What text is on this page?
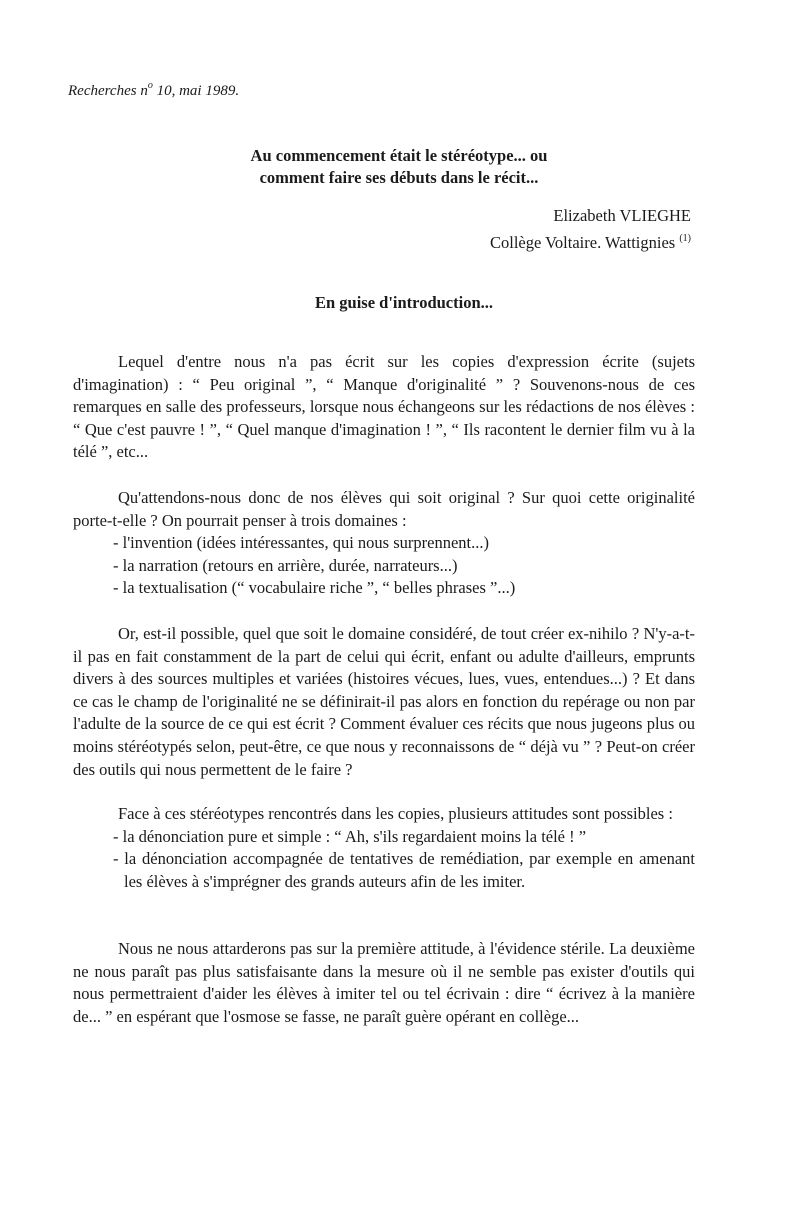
Recherches $n^o$ 10, mai 1989.
Au commencement était le stéréotype... ou
comment faire ses débuts dans le récit...
Elizabeth VLIEGHE
Collège Voltaire. Wattignies $^{(1)}$
En guise d'introduction...

Lequel d'entre nous n'a pas écrit sur les copies d'expression écrite (sujets d'imagination) : “ Peu original ”, “ Manque d'originalité ” ? Souvenons-nous de ces remarques en salle des professeurs, lorsque nous échangeons sur les rédactions de nos élèves : “ Que c'est pauvre ! ”, “ Quel manque d'imagination ! ”, “ Ils racontent le dernier film vu à la télé ”, etc...

Qu'attendons-nous donc de nos élèves qui soit original ? Sur quoi cette originalité porte-t-elle ? On pourrait penser à trois domaines :

- l'invention (idées intéressantes, qui nous surprennent...)
- la narration (retours en arrière, durée, narrateurs...)
- la textualisation (“ vocabulaire riche ”, “ belles phrases ”...)

Or, est-il possible, quel que soit le domaine considéré, de tout créer ex-nihilo ? N'y-a-t-il pas en fait constamment de la part de celui qui écrit, enfant ou adulte d'ailleurs, emprunts divers à des sources multiples et variées (histoires vécues, lues, vues, entendues...) ? Et dans ce cas le champ de l'originalité ne se définirait-il pas alors en fonction du repérage ou non par l'adulte de la source de ce qui est écrit ? Comment évaluer ces récits que nous jugeons plus ou moins stéréotypés selon, peut-être, ce que nous y reconnaissons de “ déjà vu ” ? Peut-on créer des outils qui nous permettent de le faire ?

Face à ces stéréotypes rencontrés dans les copies, plusieurs attitudes sont possibles :

- la dénonciation pure et simple : “ Ah, s'ils regardaient moins la télé ! ”
- la dénonciation accompagnée de tentatives de remédiation, par exemple en amenant les élèves à s'imprégner des grands auteurs afin de les imiter.

Nous ne nous attarderons pas sur la première attitude, à l'évidence stérile. La deuxième ne nous paraît pas plus satisfaisante dans la mesure où il ne semble pas exister d'outils qui nous permettraient d'aider les élèves à imiter tel ou tel écrivain : dire “ écrivez à la manière de... ” en espérant que l'osmose se fasse, ne paraît guère opérant en collège...
